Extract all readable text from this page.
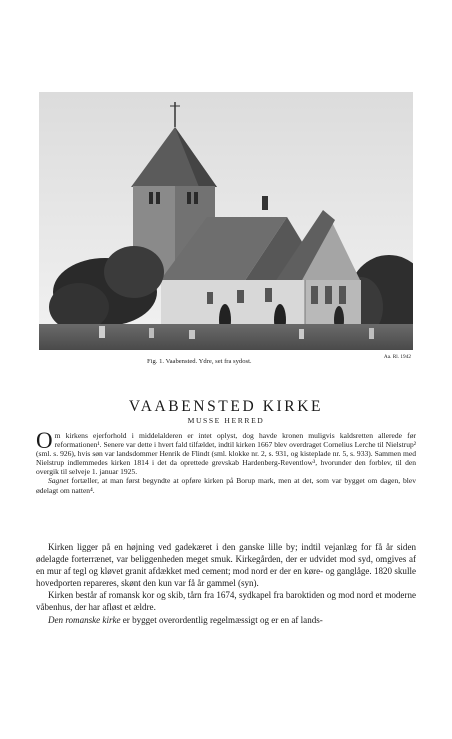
Fig. 1. Vaabensted. Ydre, set fra sydost.
Aa. Rl. 1942
VAABENSTED KIRKE
MUSSE HERRED

Om kirkens ejerforhold i middelalderen er intet oplyst, dog havde kronen muligvis kaldsretten allerede før reformationen¹. Senere var dette i hvert fald tilfældet, indtil kirken 1667 blev overdraget Cornelius Lerche til Nielstrup² (sml. s. 926), hvis søn var landsdommer Henrik de Flindt (sml. klokke nr. 2, s. 931, og kisteplade nr. 5, s. 933). Sammen med Nielstrup indlemmedes kirken 1814 i det da oprettede grevskab Hardenberg-Reventlow³, hvorunder den forblev, til den overgik til selveje 1. januar 1925.

Sagnet fortæller, at man først begyndte at opføre kirken på Borup mark, men at det, som var bygget om dagen, blev ødelagt om natten⁴.

Kirken ligger på en højning ved gadekæret i den ganske lille by; indtil vejanlæg for få år siden ødelagde forterrænet, var beliggenheden meget smuk. Kirkegården, der er udvidet mod syd, omgives af en mur af tegl og kløvet granit afdækket med cement; mod nord er der en køre- og ganglåge. 1820 skulle hovedporten repareres, skønt den kun var få år gammel (syn).

Kirken består af romansk kor og skib, tårn fra 1674, sydkapel fra baroktiden og mod nord et moderne våbenhus, der har afløst et ældre.

Den romanske kirke er bygget overordentlig regelmæssigt og er en af lands-
